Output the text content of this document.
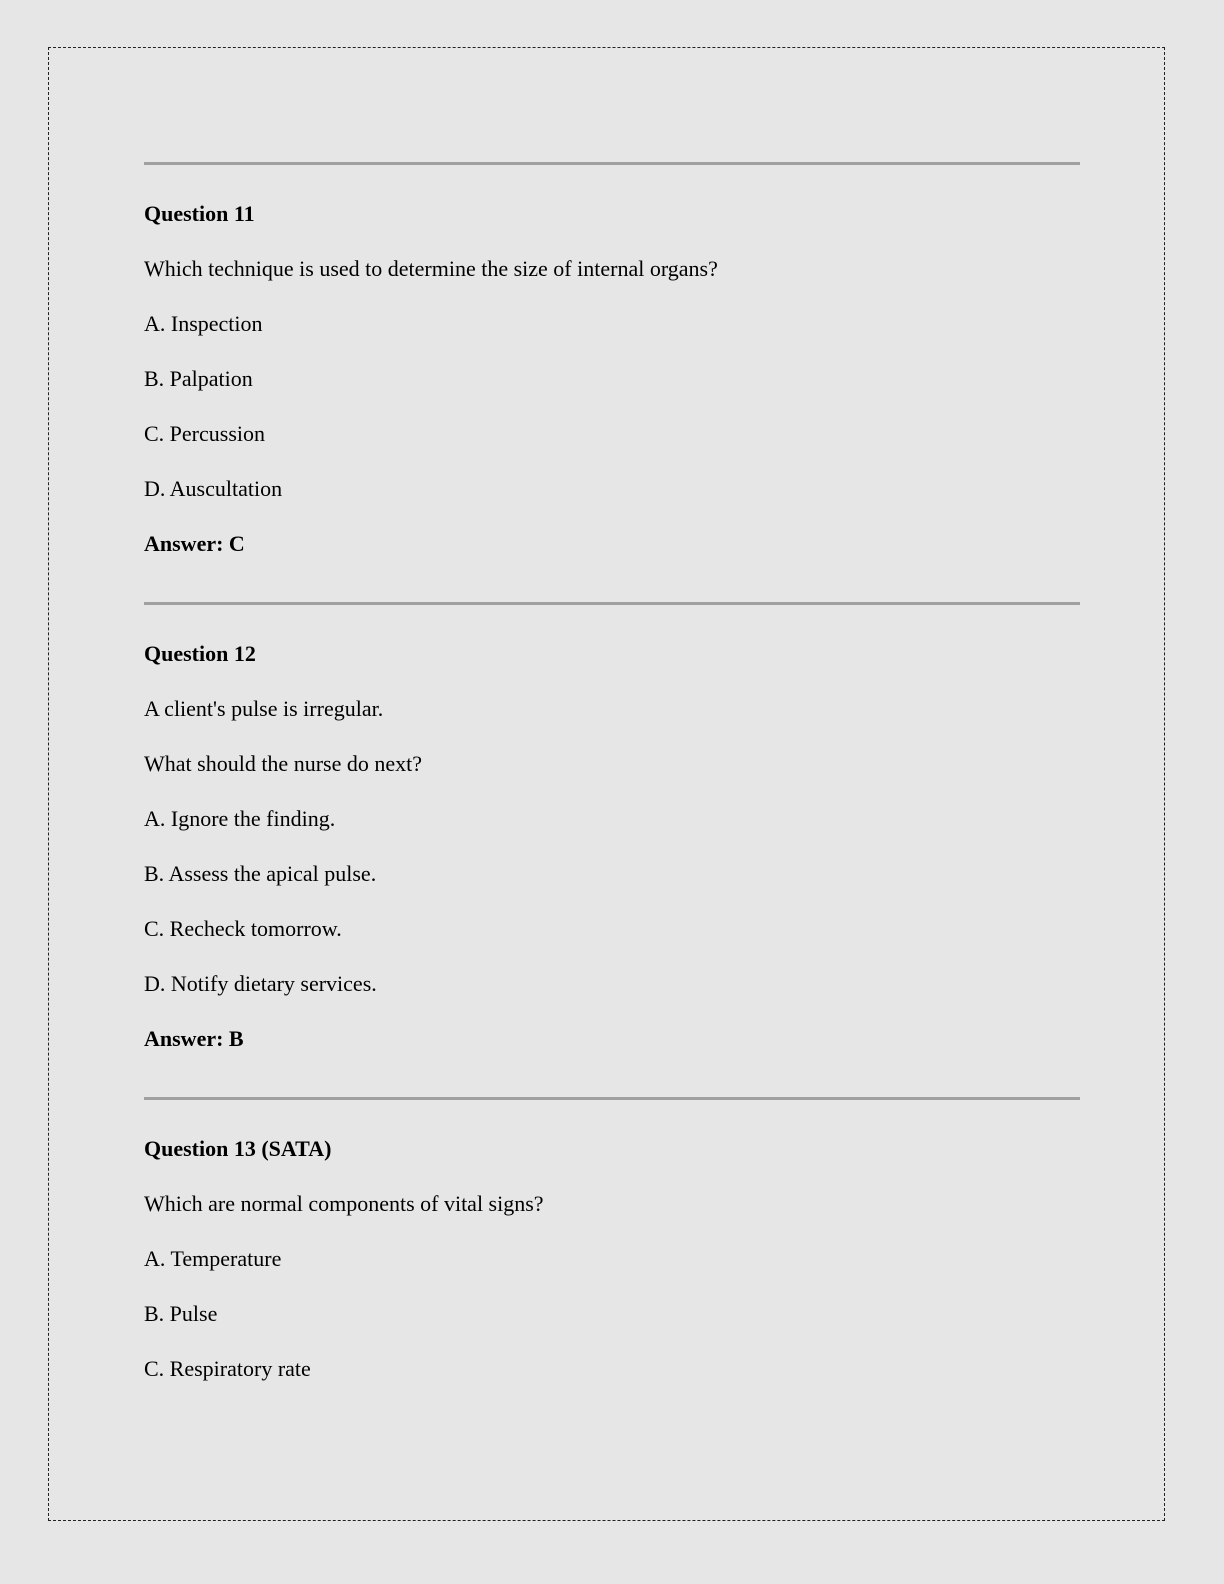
Question 11
Which technique is used to determine the size of internal organs?
A. Inspection
B. Palpation
C. Percussion
D. Auscultation
Answer: C
Question 12
A client's pulse is irregular.
What should the nurse do next?
A. Ignore the finding.
B. Assess the apical pulse.
C. Recheck tomorrow.
D. Notify dietary services.
Answer: B
Question 13 (SATA)
Which are normal components of vital signs?
A. Temperature
B. Pulse
C. Respiratory rate
